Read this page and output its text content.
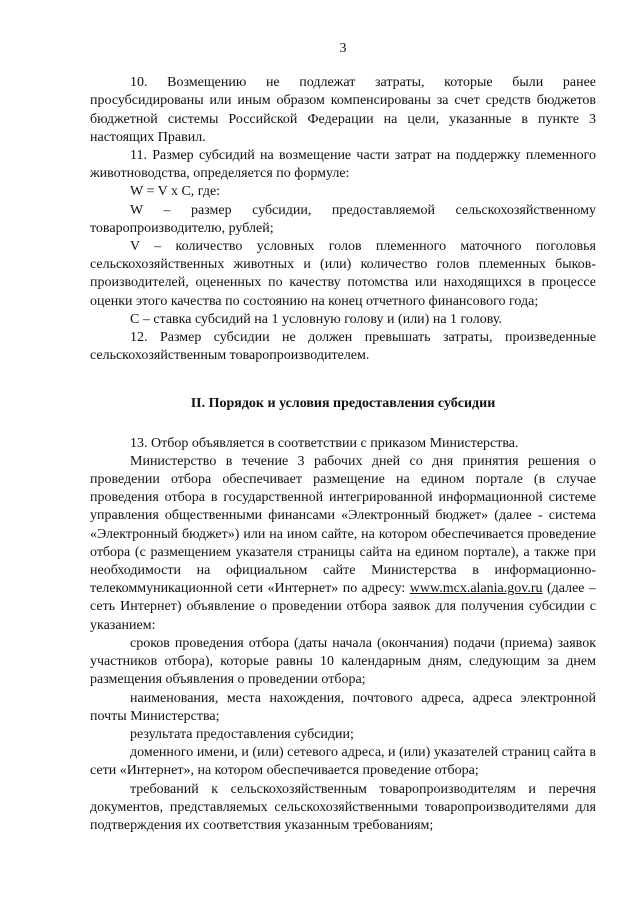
3

10. Возмещению не подлежат затраты, которые были ранее просубсидированы или иным образом компенсированы за счет средств бюджетов бюджетной системы Российской Федерации на цели, указанные в пункте 3 настоящих Правил.

11. Размер субсидий на возмещение части затрат на поддержку племенного животноводства, определяется по формуле:

W = V x С, где:

W – размер субсидии, предоставляемой сельскохозяйственному товаропроизводителю, рублей;

V – количество условных голов племенного маточного поголовья сельскохозяйственных животных и (или) количество голов племенных быков-производителей, оцененных по качеству потомства или находящихся в процессе оценки этого качества по состоянию на конец отчетного финансового года;

С – ставка субсидий на 1 условную голову и (или) на 1 голову.

12. Размер субсидии не должен превышать затраты, произведенные сельскохозяйственным товаропроизводителем.

II. Порядок и условия предоставления субсидии

13. Отбор объявляется в соответствии с приказом Министерства.

Министерство в течение 3 рабочих дней со дня принятия решения о проведении отбора обеспечивает размещение на едином портале (в случае проведения отбора в государственной интегрированной информационной системе управления общественными финансами «Электронный бюджет» (далее - система «Электронный бюджет») или на ином сайте, на котором обеспечивается проведение отбора (с размещением указателя страницы сайта на едином портале), а также при необходимости на официальном сайте Министерства в информационно-телекоммуникационной сети «Интернет» по адресу: www.mcx.alania.gov.ru (далее – сеть Интернет) объявление о проведении отбора заявок для получения субсидии с указанием:

сроков проведения отбора (даты начала (окончания) подачи (приема) заявок участников отбора), которые равны 10 календарным дням, следующим за днем размещения объявления о проведении отбора;

наименования, места нахождения, почтового адреса, адреса электронной почты Министерства;

результата предоставления субсидии;

доменного имени, и (или) сетевого адреса, и (или) указателей страниц сайта в сети «Интернет», на котором обеспечивается проведение отбора;

требований к сельскохозяйственным товаропроизводителям и перечня документов, представляемых сельскохозяйственными товаропроизводителями для подтверждения их соответствия указанным требованиям;
